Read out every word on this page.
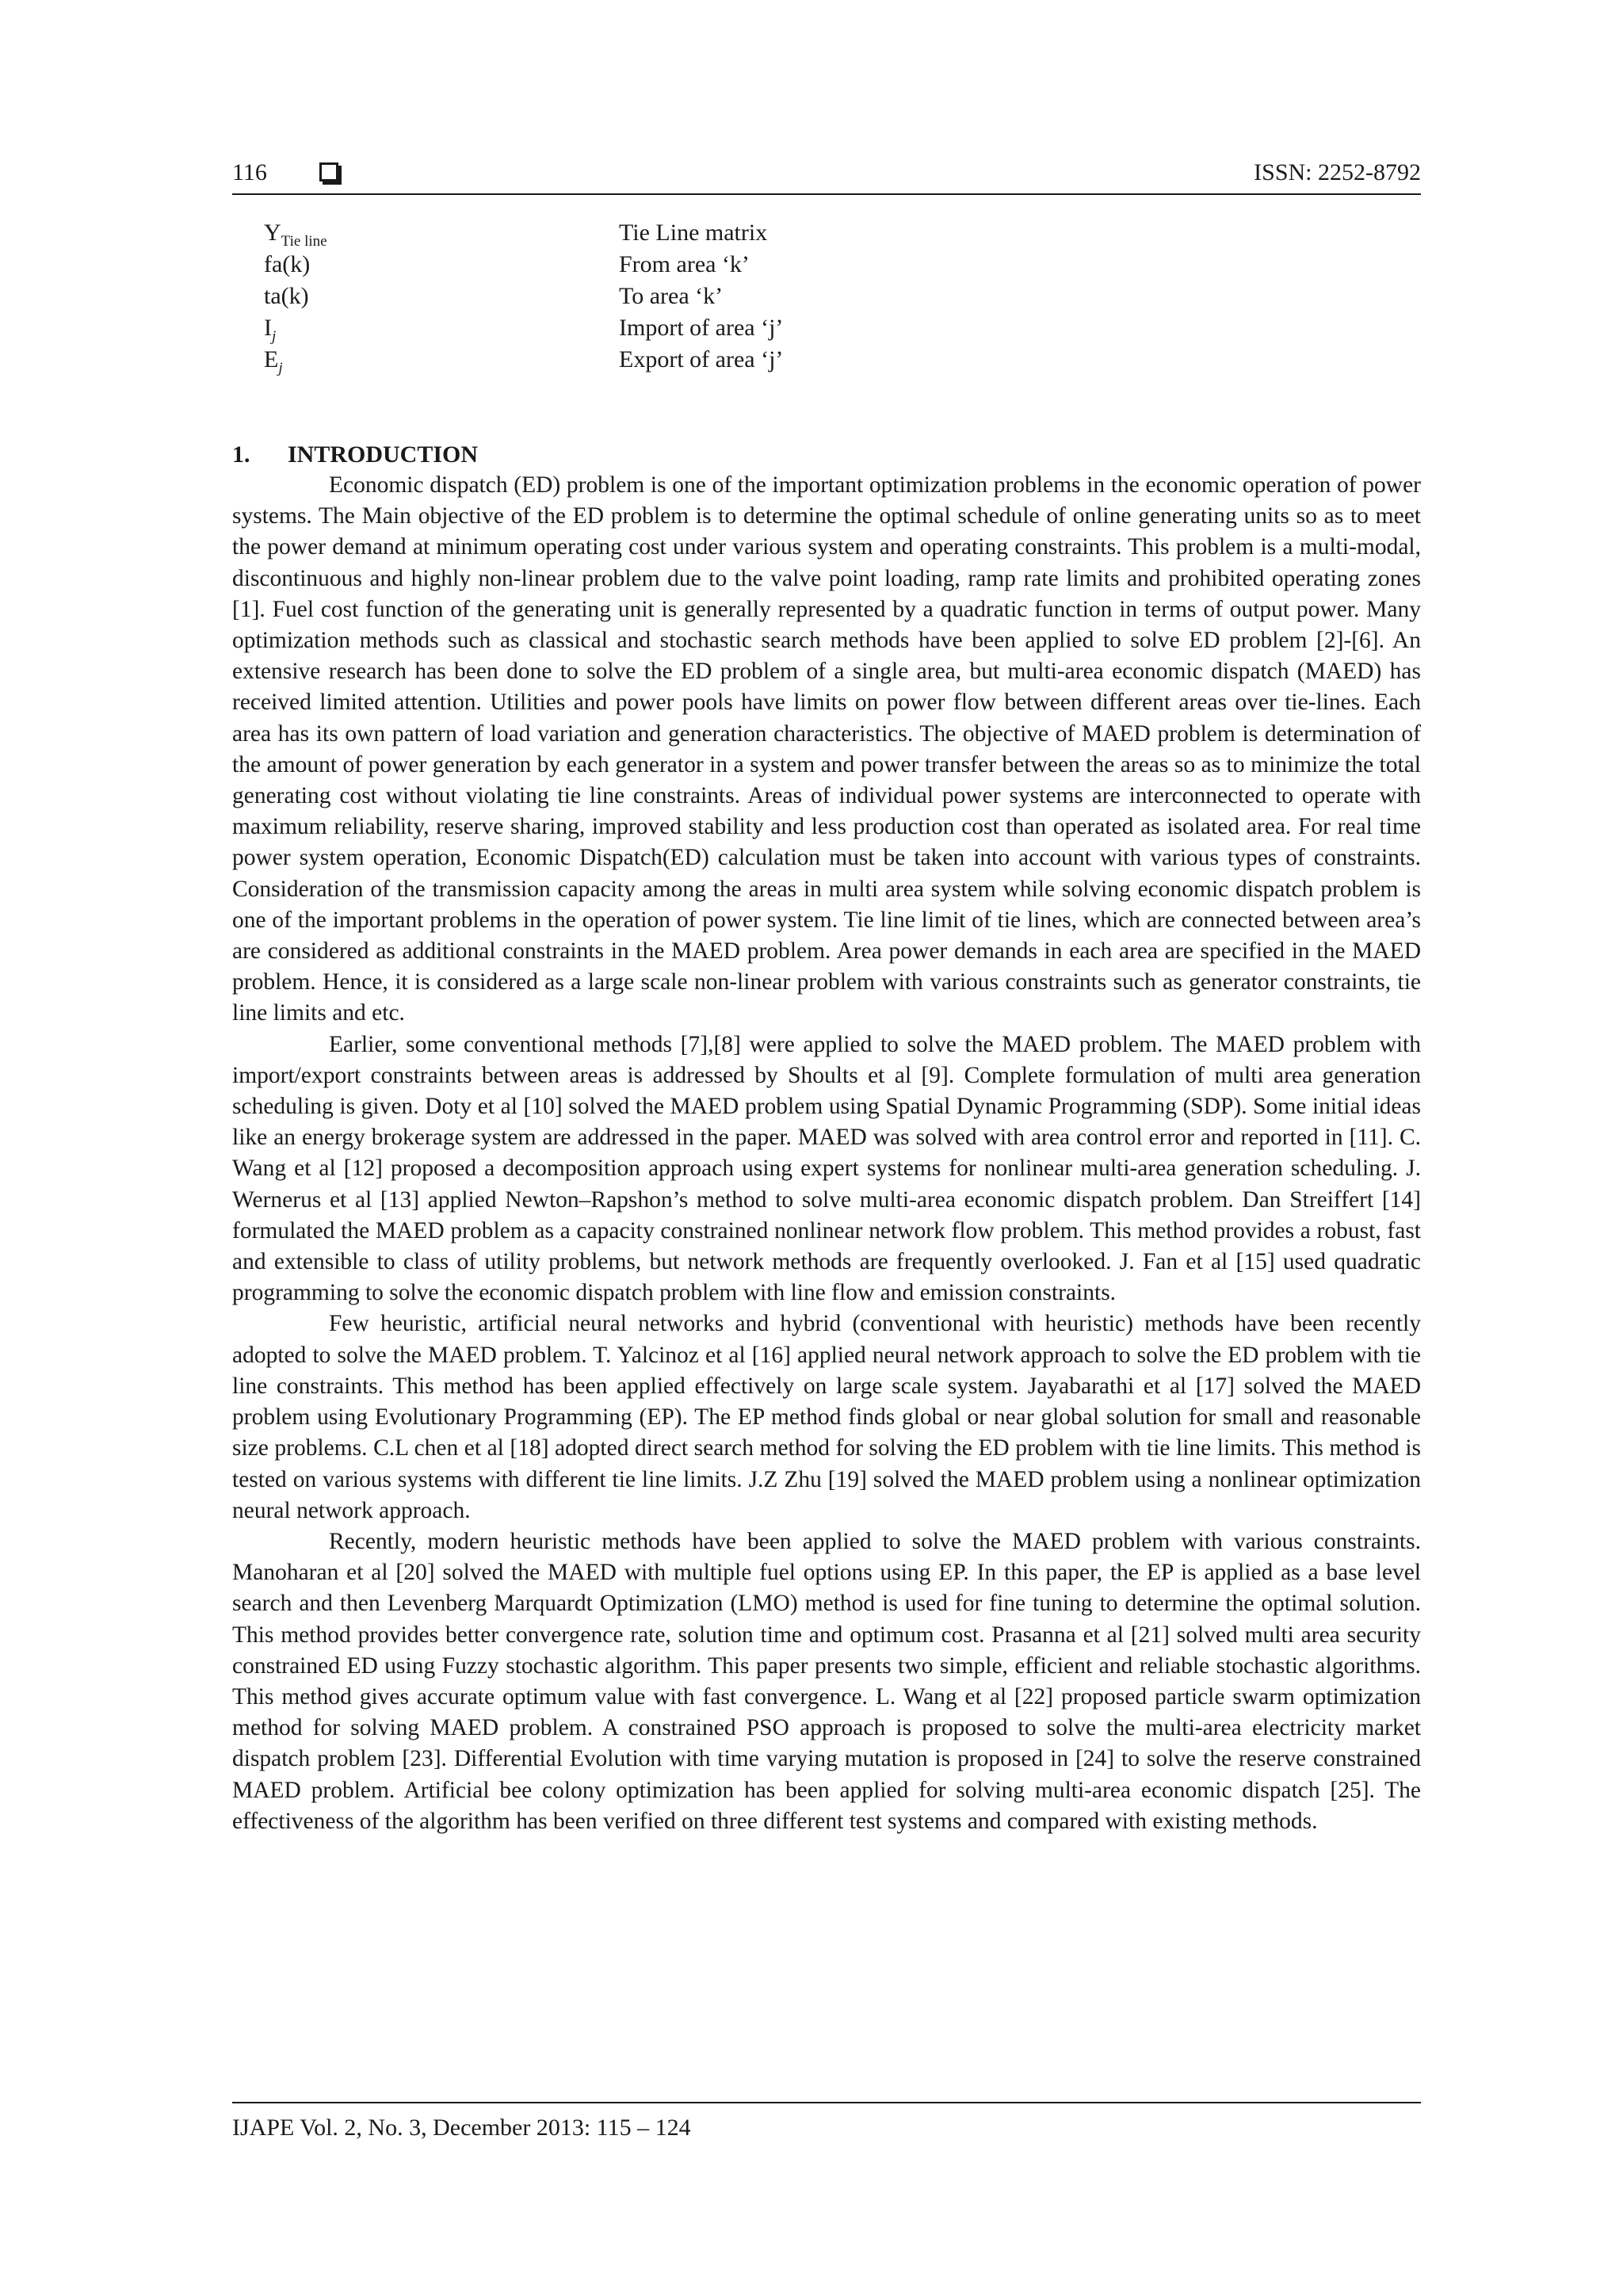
116	ISSN: 2252-8792
$Y_{Tie line}$	Tie Line matrix
fa(k)	From area ‘k’
ta(k)	To area ‘k’
$I_j$	Import of area ‘j’
$E_j$	Export of area ‘j’
1. INTRODUCTION

Economic dispatch (ED) problem is one of the important optimization problems in the economic operation of power systems. The Main objective of the ED problem is to determine the optimal schedule of online generating units so as to meet the power demand at minimum operating cost under various system and operating constraints. This problem is a multi-modal, discontinuous and highly non-linear problem due to the valve point loading, ramp rate limits and prohibited operating zones [1]. Fuel cost function of the generating unit is generally represented by a quadratic function in terms of output power. Many optimization methods such as classical and stochastic search methods have been applied to solve ED problem [2]-[6]. An extensive research has been done to solve the ED problem of a single area, but multi-area economic dispatch (MAED) has received limited attention. Utilities and power pools have limits on power flow between different areas over tie-lines. Each area has its own pattern of load variation and generation characteristics. The objective of MAED problem is determination of the amount of power generation by each generator in a system and power transfer between the areas so as to minimize the total generating cost without violating tie line constraints. Areas of individual power systems are interconnected to operate with maximum reliability, reserve sharing, improved stability and less production cost than operated as isolated area. For real time power system operation, Economic Dispatch(ED) calculation must be taken into account with various types of constraints. Consideration of the transmission capacity among the areas in multi area system while solving economic dispatch problem is one of the important problems in the operation of power system. Tie line limit of tie lines, which are connected between area’s are considered as additional constraints in the MAED problem. Area power demands in each area are specified in the MAED problem. Hence, it is considered as a large scale non-linear problem with various constraints such as generator constraints, tie line limits and etc.

Earlier, some conventional methods [7],[8] were applied to solve the MAED problem. The MAED problem with import/export constraints between areas is addressed by Shoults et al [9]. Complete formulation of multi area generation scheduling is given. Doty et al [10] solved the MAED problem using Spatial Dynamic Programming (SDP). Some initial ideas like an energy brokerage system are addressed in the paper. MAED was solved with area control error and reported in [11]. C. Wang et al [12] proposed a decomposition approach using expert systems for nonlinear multi-area generation scheduling. J. Wernerus et al [13] applied Newton–Rapshon’s method to solve multi-area economic dispatch problem. Dan Streiffert [14] formulated the MAED problem as a capacity constrained nonlinear network flow problem. This method provides a robust, fast and extensible to class of utility problems, but network methods are frequently overlooked. J. Fan et al [15] used quadratic programming to solve the economic dispatch problem with line flow and emission constraints.

Few heuristic, artificial neural networks and hybrid (conventional with heuristic) methods have been recently adopted to solve the MAED problem. T. Yalcinoz et al [16] applied neural network approach to solve the ED problem with tie line constraints. This method has been applied effectively on large scale system. Jayabarathi et al [17] solved the MAED problem using Evolutionary Programming (EP). The EP method finds global or near global solution for small and reasonable size problems. C.L chen et al [18] adopted direct search method for solving the ED problem with tie line limits. This method is tested on various systems with different tie line limits. J.Z Zhu [19] solved the MAED problem using a nonlinear optimization neural network approach.

Recently, modern heuristic methods have been applied to solve the MAED problem with various constraints. Manoharan et al [20] solved the MAED with multiple fuel options using EP. In this paper, the EP is applied as a base level search and then Levenberg Marquardt Optimization (LMO) method is used for fine tuning to determine the optimal solution. This method provides better convergence rate, solution time and optimum cost. Prasanna et al [21] solved multi area security constrained ED using Fuzzy stochastic algorithm. This paper presents two simple, efficient and reliable stochastic algorithms. This method gives accurate optimum value with fast convergence. L. Wang et al [22] proposed particle swarm optimization method for solving MAED problem. A constrained PSO approach is proposed to solve the multi-area electricity market dispatch problem [23]. Differential Evolution with time varying mutation is proposed in [24] to solve the reserve constrained MAED problem. Artificial bee colony optimization has been applied for solving multi-area economic dispatch [25]. The effectiveness of the algorithm has been verified on three different test systems and compared with existing methods.

IJAPE Vol. 2, No. 3, December 2013: 115 – 124
